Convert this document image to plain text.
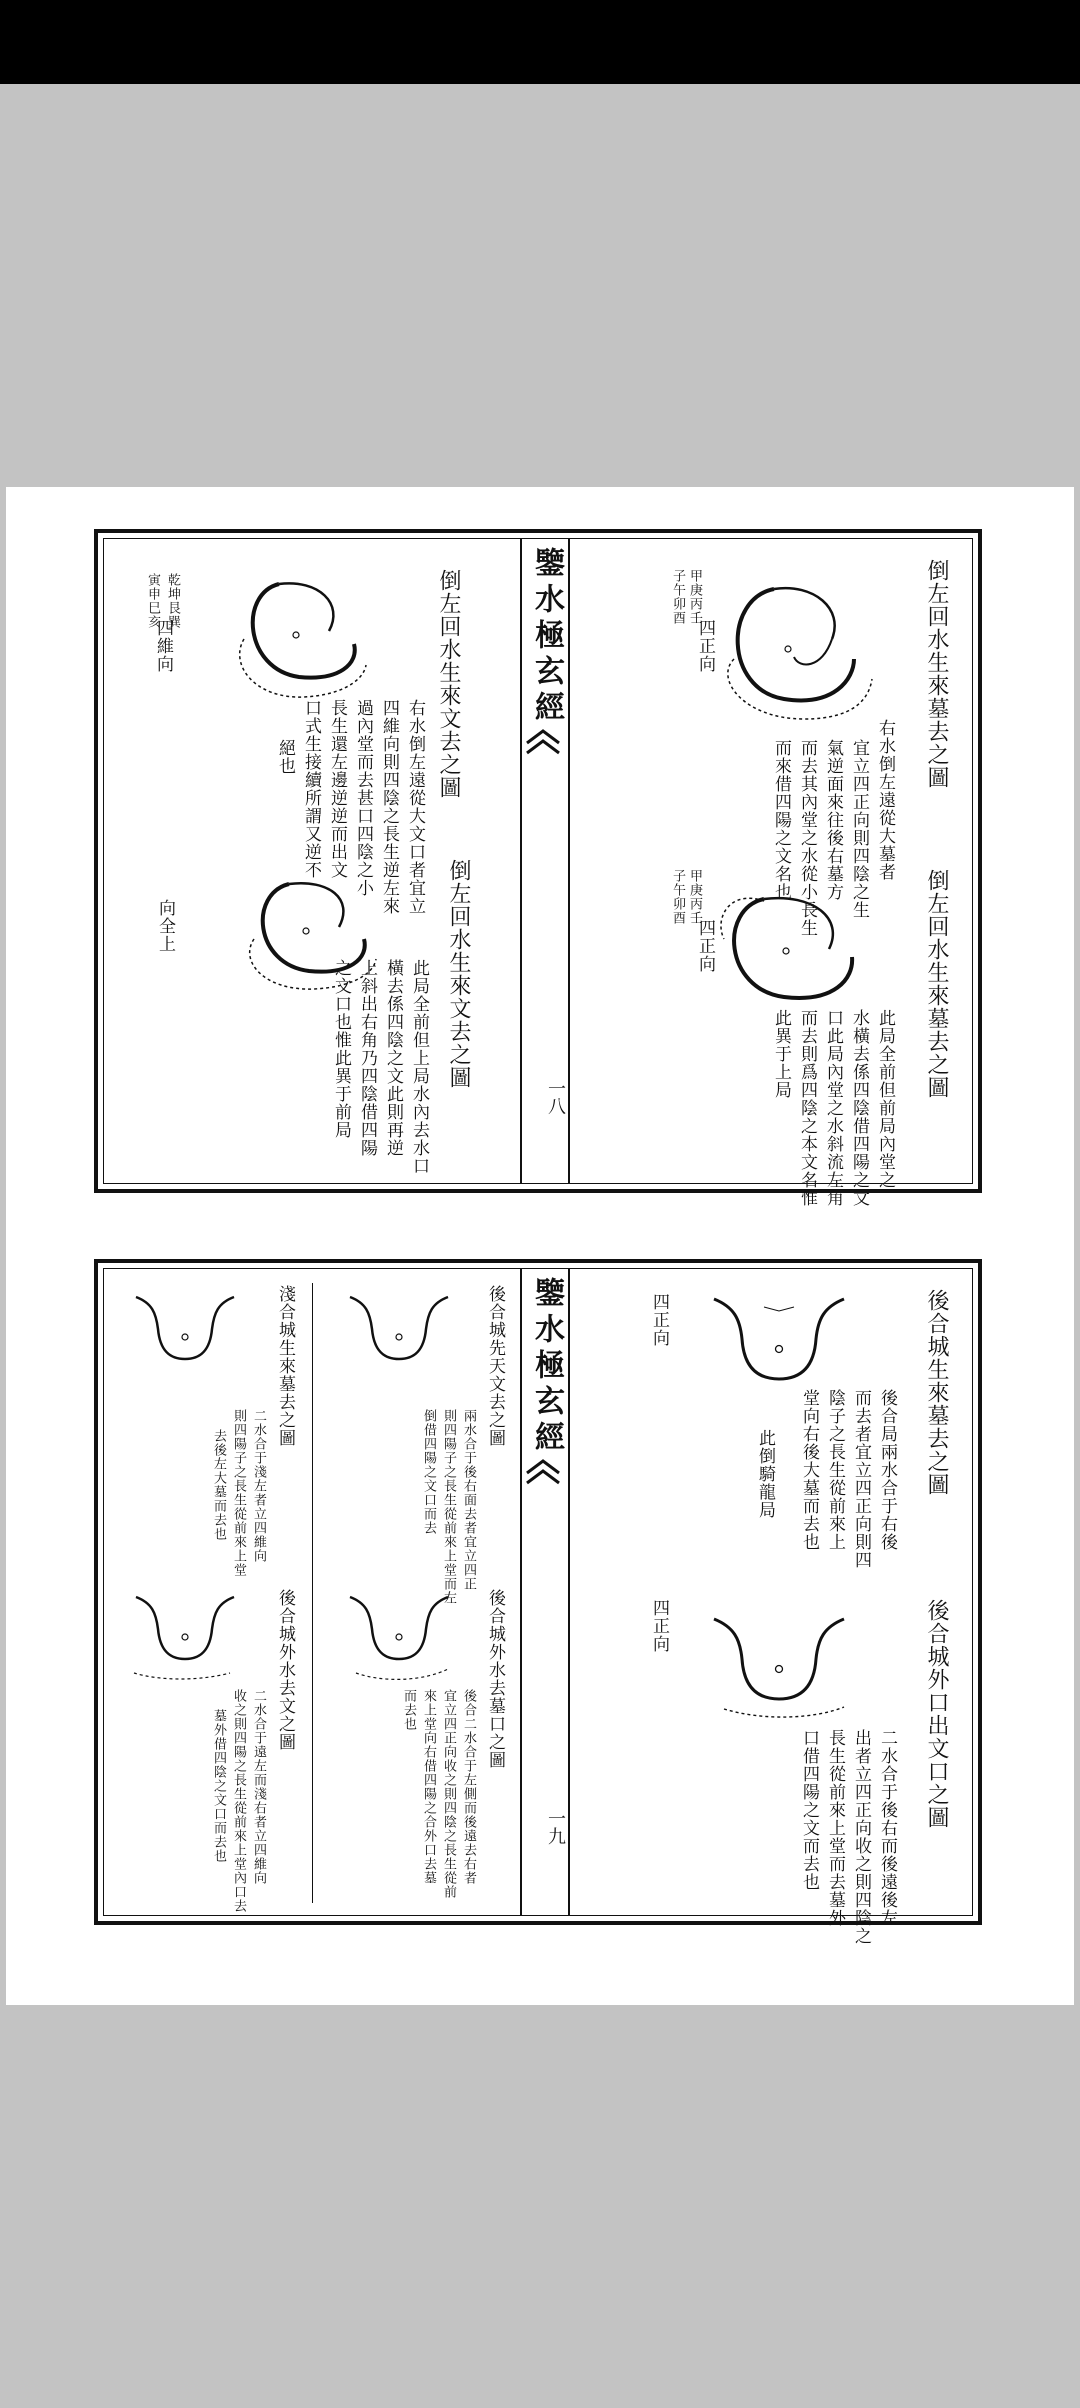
鑒水極玄經
一八
倒左回水生來墓去之圖
右水倒左遠從大墓者
宜立四正向則四陰之生
氣逆面來往後右墓方
而去其內堂之水從小長生
而來借四陽之文名也
甲庚丙壬
子午卯酉
四正向
倒左回水生來墓去之圖
此局全前但前局內堂之
水橫去係四陰借四陽之文
口此局內堂之水斜流左角
而去則爲四陰之本文名惟
此異于上局
甲庚丙壬
子午卯酉
四正向
倒左回水生來文去之圖
右水倒左遠從大文口者宜立
四維向則四陰之長生逆左來
過內堂而去甚口四陰之小
長生還左邊逆逆而出文
口式生接續所謂又逆不
絕也
乾坤艮巽
寅申巳亥
四維向
向全上	倒左回水生來文去之圖
此局全前但上局水內去水口
橫去係四陰之文此則再逆
上斜出右角乃四陰借四陽
之文口也惟此異于前局
鑒水極玄經
一九
後合城生來墓去之圖
後合局兩水合于右後
而去者宜立四正向則四
陰子之長生從前來上
堂向右後大墓而去也
此倒騎龍局
四正向
後合城外口出文口之圖
二水合于後右而後遠後左
出者立四正向收之則四陰之
長生從前來上堂而去墓外
口借四陽之文而去也
四正向
後合城先天文去之圖
兩水合于後右面去者宜立四正
則四陽子之長生從前來上堂而左
倒借四陽之文口而去
後合城外水去墓口之圖
後合二水合于左側而後遠去右者
宜立四正向收之則四陰之長生從前
來上堂向右借四陽之合外口去墓
而去也
淺合城生來墓去之圖
二水合于淺左者立四維向
則四陽子之長生從前來上堂
去後左大墓而去也
後合城外水去文之圖
二水合于遠左而淺右者立四維向
收之則四陽之長生從前來上堂內口去
墓外借四陰之文口而去也
